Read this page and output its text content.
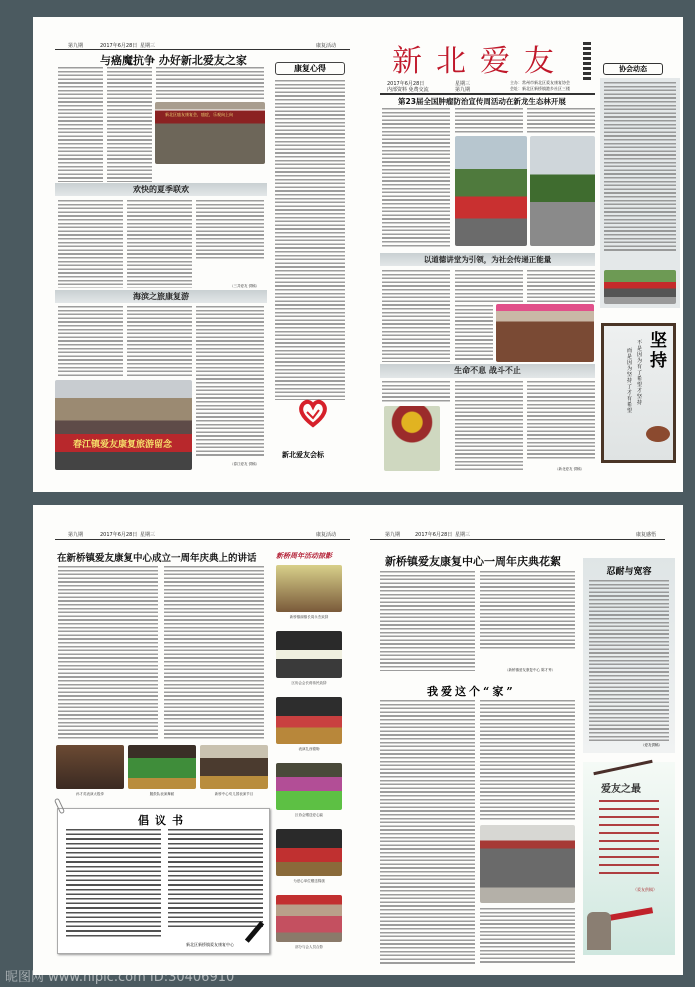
第九期	2017年6月28日 星期三	康复活动
与癌魔抗争 办好新北爱友之家
新北区癌友康复会，癌症，乐观向上向
康复心得
欢快的夏季联欢
（三井爱友 供稿）
海滨之旅康复游
（春江爱友 供稿）
春江镇爱友康复旅游留念
新北爱友会标
新北爱友
2017年6月28日
内部资料 免费交流
星期三
第九期
主办：常州市新北区爱友康复协会
会址：新北区新桥镇港乡社区三楼
第23届全国肿瘤防治宣传周活动在新龙生态林开展
以道德讲堂为引领，为社会传递正能量
生命不息 战斗不止
（新北爱友 供稿）
协会动态
坚持
不是因为有了希望才坚持
而是因为坚持了才有希望
第九期	2017年6月28日 星期三	康复活动
在新桥镇爱友康复中心成立一周年庆典上的讲话	新桥周年活动掠影
孙才英表演太极拳	腰鼓队表演舞蹈	新桥中心幼儿园表演节目
倡议书
新北区新桥镇爱友康复中心
新桥镇副镇长周永杰致辞
区协会会长蒋伟民致辞
表演扎西德勒
区协会赠送爱心匾
为爱心单位赠送锦旗
部分与会人员合影
第九期	2017年6月28日 星期三	康复感悟
新桥镇爱友康复中心一周年庆典花絮
（新桥镇爱友康复中心 陈才秀）
我爱这个“家”
忍耐与宽容
（爱友供稿）
爱友之最
（爱友供稿）
昵图网 www.nipic.com ID:30406910
